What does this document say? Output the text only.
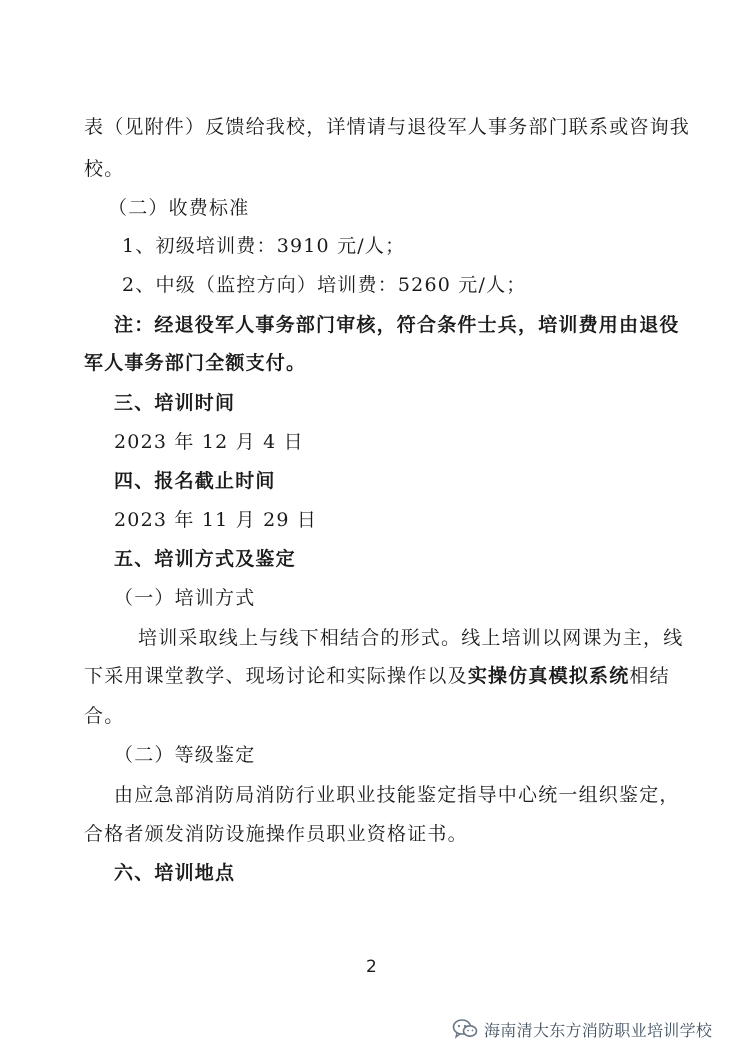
表（见附件）反馈给我校，详情请与退役军人事务部门联系或咨询我
校。
（二）收费标准
1、初级培训费：3910 元/人；
2、中级（监控方向）培训费：5260 元/人；
注：经退役军人事务部门审核，符合条件士兵，培训费用由退役
军人事务部门全额支付。
三、培训时间
2023 年 12 月 4 日
四、报名截止时间
2023 年 11 月 29 日
五、培训方式及鉴定
（一）培训方式
培训采取线上与线下相结合的形式。线上培训以网课为主，线
下采用课堂教学、现场讨论和实际操作以及实操仿真模拟系统相结
合。
（二）等级鉴定
由应急部消防局消防行业职业技能鉴定指导中心统一组织鉴定，
合格者颁发消防设施操作员职业资格证书。
六、培训地点
2
海南清大东方消防职业培训学校
